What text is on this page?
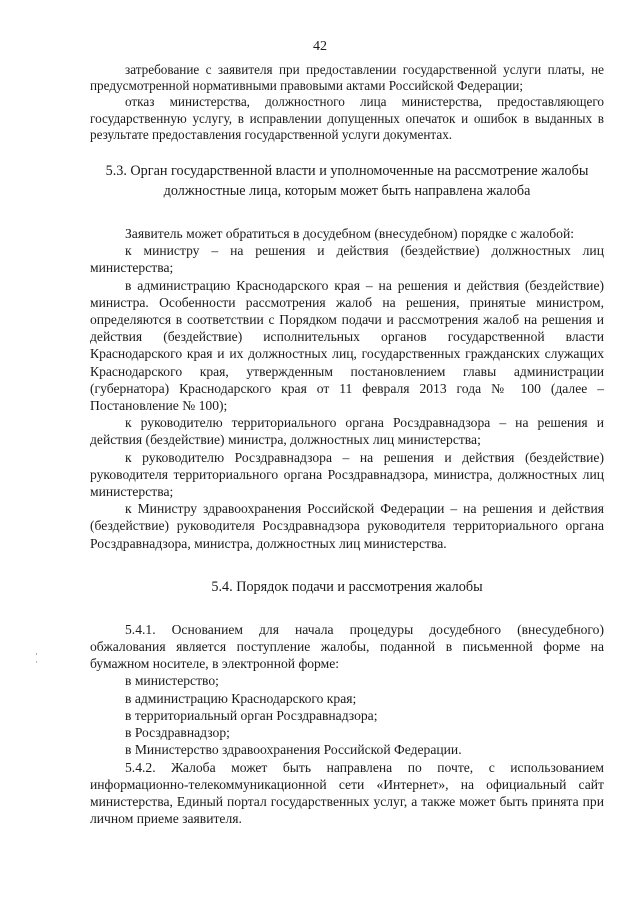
42

затребование с заявителя при предоставлении государственной услуги платы, не предусмотренной нормативными правовыми актами Российской Федерации;

отказ министерства, должностного лица министерства, предоставляющего государственную услугу, в исправлении допущенных опечаток и ошибок в выданных в результате предоставления государственной услуги документах.

5.3. Орган государственной власти и уполномоченные на рассмотрение жалобы должностные лица, которым может быть направлена жалоба

Заявитель может обратиться в досудебном (внесудебном) порядке с жалобой:

к министру – на решения и действия (бездействие) должностных лиц министерства;

в администрацию Краснодарского края – на решения и действия (бездействие) министра. Особенности рассмотрения жалоб на решения, принятые министром, определяются в соответствии с Порядком подачи и рассмотрения жалоб на решения и действия (бездействие) исполнительных органов государственной власти Краснодарского края и их должностных лиц, государственных гражданских служащих Краснодарского края, утвержденным постановлением главы администрации (губернатора) Краснодарского края от 11 февраля 2013 года № 100 (далее – Постановление № 100);

к руководителю территориального органа Росздравнадзора – на решения и действия (бездействие) министра, должностных лиц министерства;

к руководителю Росздравнадзора – на решения и действия (бездействие) руководителя территориального органа Росздравнадзора, министра, должностных лиц министерства;

к Министру здравоохранения Российской Федерации – на решения и действия (бездействие) руководителя Росздравнадзора руководителя территориального органа Росздравнадзора, министра, должностных лиц министерства.

5.4. Порядок подачи и рассмотрения жалобы

5.4.1. Основанием для начала процедуры досудебного (внесудебного) обжалования является поступление жалобы, поданной в письменной форме на бумажном носителе, в электронной форме:

в министерство;

в администрацию Краснодарского края;

в территориальный орган Росздравнадзора;

в Росздравнадзор;

в Министерство здравоохранения Российской Федерации.

5.4.2. Жалоба может быть направлена по почте, с использованием информационно-телекоммуникационной сети «Интернет», на официальный сайт министерства, Единый портал государственных услуг, а также может быть принята при личном приеме заявителя.
